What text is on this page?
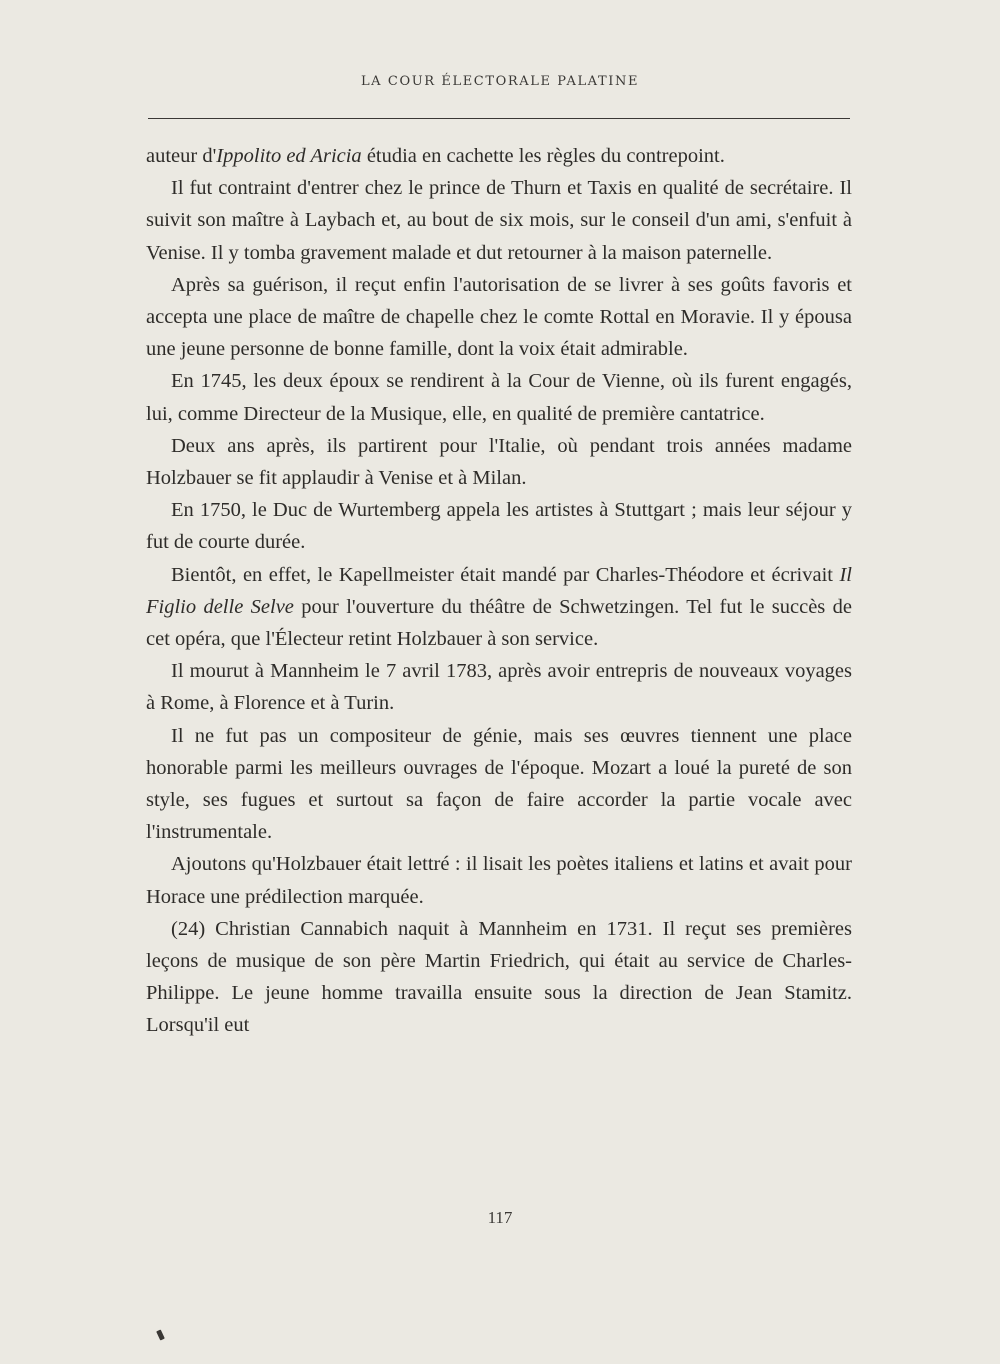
LA COUR ÉLECTORALE PALATINE

auteur d'Ippolito ed Aricia étudia en cachette les règles du contrepoint.

Il fut contraint d'entrer chez le prince de Thurn et Taxis en qualité de secrétaire. Il suivit son maître à Laybach et, au bout de six mois, sur le conseil d'un ami, s'enfuit à Venise. Il y tomba gravement malade et dut retourner à la maison paternelle.

Après sa guérison, il reçut enfin l'autorisation de se livrer à ses goûts favoris et accepta une place de maître de chapelle chez le comte Rottal en Moravie. Il y épousa une jeune personne de bonne famille, dont la voix était admirable.

En 1745, les deux époux se rendirent à la Cour de Vienne, où ils furent engagés, lui, comme Directeur de la Musique, elle, en qualité de première cantatrice.

Deux ans après, ils partirent pour l'Italie, où pendant trois années madame Holzbauer se fit applaudir à Venise et à Milan.

En 1750, le Duc de Wurtemberg appela les artistes à Stuttgart ; mais leur séjour y fut de courte durée.

Bientôt, en effet, le Kapellmeister était mandé par Charles-Théodore et écrivait Il Figlio delle Selve pour l'ouverture du théâtre de Schwetzingen. Tel fut le succès de cet opéra, que l'Électeur retint Holzbauer à son service.

Il mourut à Mannheim le 7 avril 1783, après avoir entrepris de nouveaux voyages à Rome, à Florence et à Turin.

Il ne fut pas un compositeur de génie, mais ses œuvres tiennent une place honorable parmi les meilleurs ouvrages de l'époque. Mozart a loué la pureté de son style, ses fugues et surtout sa façon de faire accorder la partie vocale avec l'instrumentale.

Ajoutons qu'Holzbauer était lettré : il lisait les poètes italiens et latins et avait pour Horace une prédilection marquée.

(24) Christian Cannabich naquit à Mannheim en 1731. Il reçut ses premières leçons de musique de son père Martin Friedrich, qui était au service de Charles-Philippe. Le jeune homme travailla ensuite sous la direction de Jean Stamitz. Lorsqu'il eut

117
